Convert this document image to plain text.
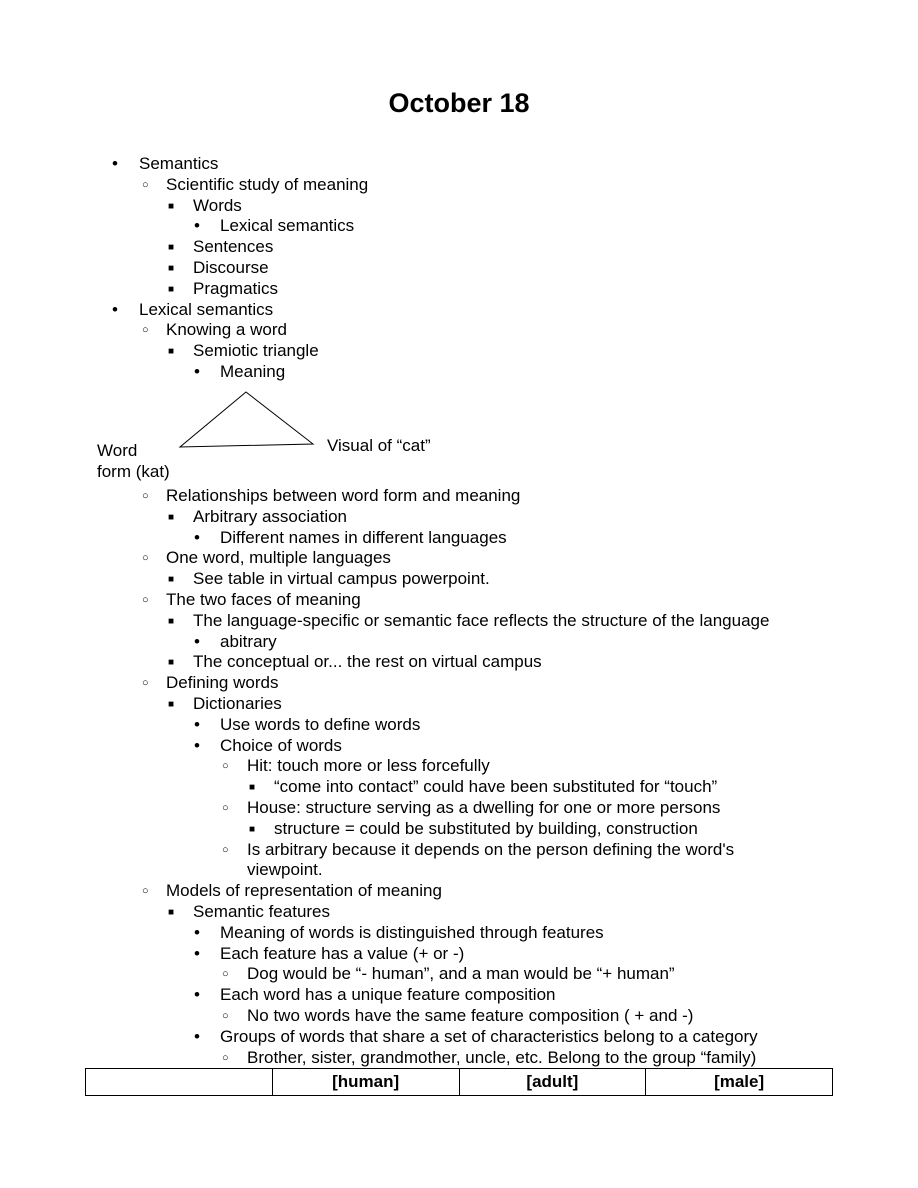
October 18
•
Semantics
○
Scientific study of meaning
■
Words
•
Lexical semantics
■
Sentences
■
Discourse
■
Pragmatics
•
Lexical semantics
○
Knowing a word
■
Semiotic triangle
•
Meaning
Word
form (kat)
Visual of “cat”
○
Relationships between word form and meaning
■
Arbitrary association
•
Different names in different languages
○
One word, multiple languages
■
See table in virtual campus powerpoint.
○
The two faces of meaning
■
The language-specific or semantic face reflects the structure of the language
•
abitrary
■
The conceptual or... the rest on virtual campus
○
Defining words
■
Dictionaries
•
Use words to define words
•
Choice of words
○
Hit: touch more or less forcefully
■
“come into contact” could have been substituted for “touch”
○
House: structure serving as a dwelling for one or more persons
■
structure = could be substituted by building, construction
○
Is arbitrary because it depends on the person defining the word's
viewpoint.
○
Models of representation of meaning
■
Semantic features
•
Meaning of words is distinguished through features
•
Each feature has a value (+ or -)
○
Dog would be “- human”, and a man would be “+ human”
•
Each word has a unique feature composition
○
No two words have the same feature composition ( + and -)
•
Groups of words that share a set of characteristics belong to a category
○
Brother, sister, grandmother, uncle, etc. Belong to the group “family)
	[human]	[adult]	[male]
